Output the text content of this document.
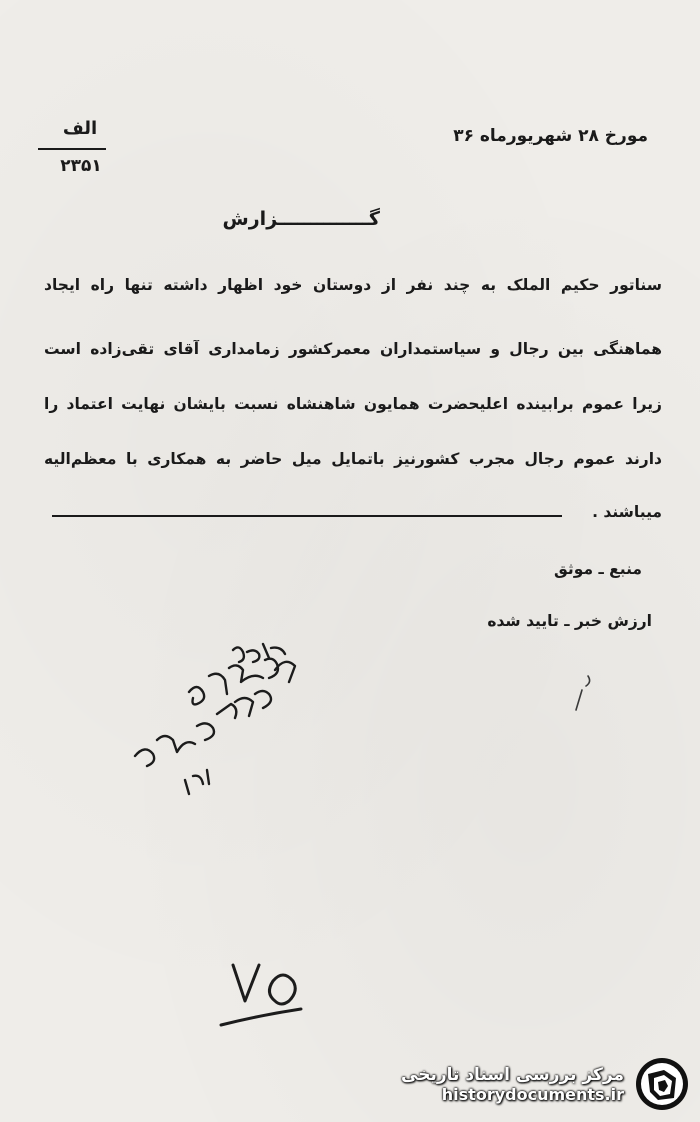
مورخ ۲۸ شهریورماه ۳۶
الف
۲۳۵۱
گــــــــــــــزارش
سناتور حکیم الملک به چند نفر از دوستان خود اظهار داشته تنها راه ایجاد
هماهنگی بین رجال و سیاستمداران معمرکشور زمامداری آقای تقی‌زاده است
زیرا عموم برابینده اعلیحضرت همایون شاهنشاه نسبت بایشان نهایت اعتماد را
دارند عموم رجال مجرب کشورنیز باتمایل میل حاضر به همکاری با معظم‌الیه
میباشند .
منبع ـ موثق
ارزش خبر ـ تایید شده
مرکز بررسی اسناد تاریخی
historydocuments.ir
